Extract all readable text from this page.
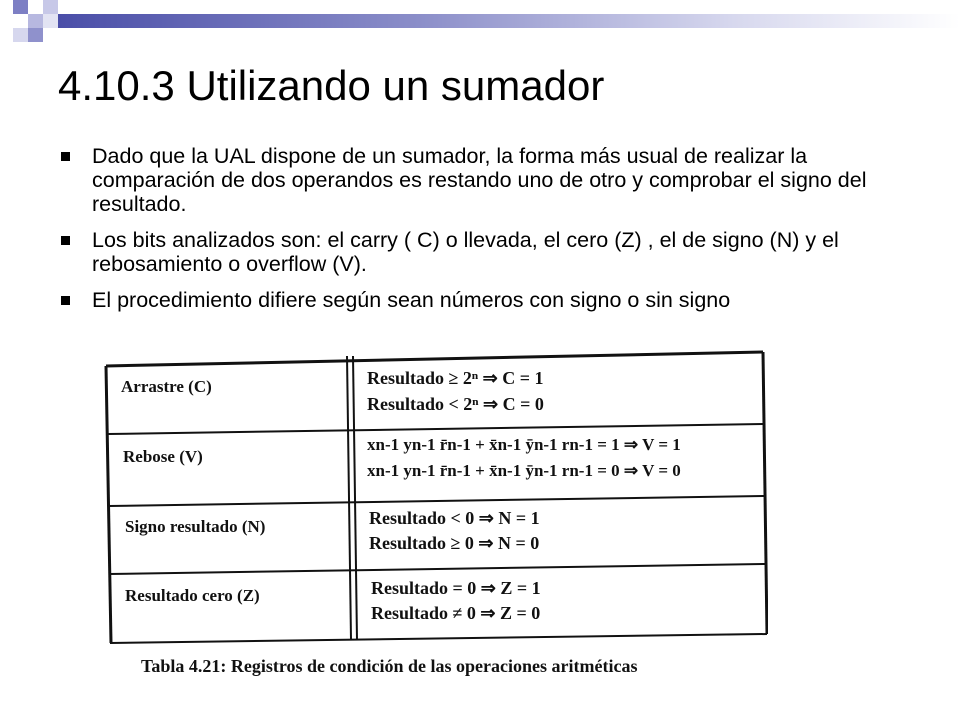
4.10.3 Utilizando un sumador
Dado que la UAL dispone de un sumador, la forma más usual de realizar la comparación de dos operandos es restando uno de otro y comprobar el signo del resultado.
Los bits analizados son: el carry ( C) o llevada, el cero (Z) , el de signo (N) y el rebosamiento o overflow (V).
El procedimiento difiere según sean números con signo o sin signo
Arrastre (C)
Rebose (V)
Signo resultado (N)
Resultado cero (Z)
Resultado ≥ 2ⁿ ⇒ C = 1
Resultado < 2ⁿ ⇒ C = 0
xn-1 yn-1 r̄n-1 + x̄n-1 ȳn-1 rn-1 = 1 ⇒ V = 1
xn-1 yn-1 r̄n-1 + x̄n-1 ȳn-1 rn-1 = 0 ⇒ V = 0
Resultado < 0 ⇒ N = 1
Resultado ≥ 0 ⇒ N = 0
Resultado = 0 ⇒ Z = 1
Resultado ≠ 0 ⇒ Z = 0
Tabla 4.21: Registros de condición de las operaciones aritméticas
